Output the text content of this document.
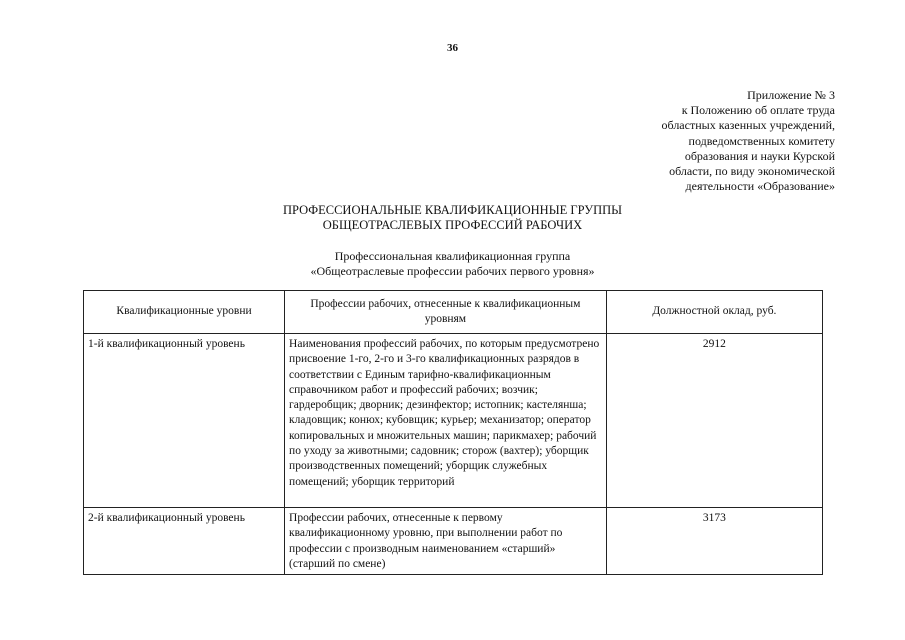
36
Приложение № 3
к Положению об оплате труда
областных казенных учреждений,
подведомственных комитету
образования и науки Курской
области, по виду экономической
деятельности «Образование»
ПРОФЕССИОНАЛЬНЫЕ КВАЛИФИКАЦИОННЫЕ ГРУППЫ
ОБЩЕОТРАСЛЕВЫХ ПРОФЕССИЙ РАБОЧИХ
Профессиональная квалификационная группа
«Общеотраслевые профессии рабочих первого уровня»
Квалификационные уровни	Профессии рабочих, отнесенные к квалификационным уровням	Должностной оклад, руб.
1-й квалификационный уровень	Наименования профессий рабочих, по которым предусмотрено присвоение 1-го, 2-го и 3-го квалификационных разрядов в соответствии с Единым тарифно-квалификационным справочником работ и профессий рабочих; возчик; гардеробщик; дворник; дезинфектор; истопник; кастелянша; кладовщик; конюх; кубовщик; курьер; механизатор; оператор копировальных и множительных машин; парикмахер; рабочий по уходу за животными; садовник; сторож (вахтер); уборщик производственных помещений; уборщик служебных помещений; уборщик территорий	2912
2-й квалификационный уровень	Профессии рабочих, отнесенные к первому квалификационному уровню, при выполнении работ по профессии с производным наименованием «старший» (старший по смене)	3173
